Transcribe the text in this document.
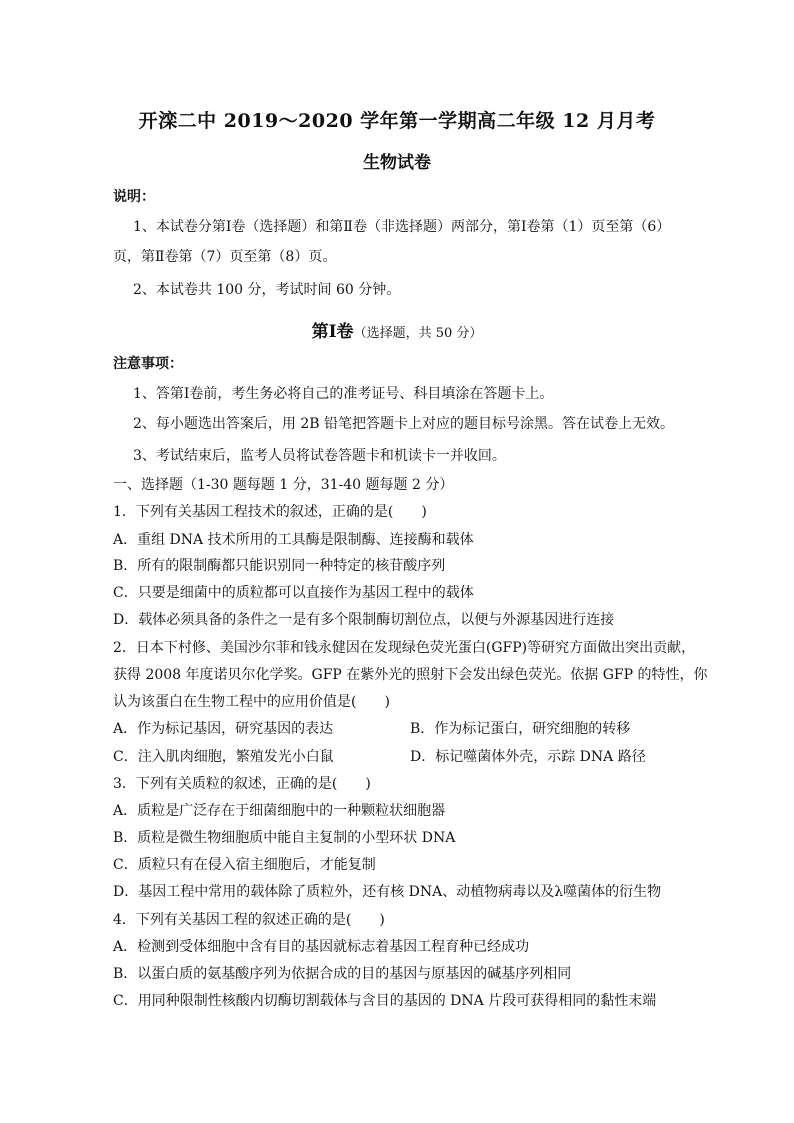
开滦二中 2019～2020 学年第一学期高二年级 12 月月考
生物试卷
说明：
1、本试卷分第Ⅰ卷（选择题）和第Ⅱ卷（非选择题）两部分，第Ⅰ卷第（1）页至第（6）
页，第Ⅱ卷第（7）页至第（8）页。
2、本试卷共 100 分，考试时间 60 分钟。
第Ⅰ卷（选择题，共 50 分）
注意事项：
1、答第Ⅰ卷前，考生务必将自己的准考证号、科目填涂在答题卡上。
2、每小题选出答案后，用 2B 铅笔把答题卡上对应的题目标号涂黑。答在试卷上无效。
3、考试结束后，监考人员将试卷答题卡和机读卡一并收回。
一、选择题（1-30 题每题 1 分，31-40 题每题 2 分）
1．下列有关基因工程技术的叙述，正确的是(　　)
A．重组 DNA 技术所用的工具酶是限制酶、连接酶和载体
B．所有的限制酶都只能识别同一种特定的核苷酸序列
C．只要是细菌中的质粒都可以直接作为基因工程中的载体
D．载体必须具备的条件之一是有多个限制酶切割位点，以便与外源基因进行连接
2．日本下村修、美国沙尔菲和钱永健因在发现绿色荧光蛋白(GFP)等研究方面做出突出贡献，
获得 2008 年度诺贝尔化学奖。GFP 在紫外光的照射下会发出绿色荧光。依据 GFP 的特性，你
认为该蛋白在生物工程中的应用价值是(　　)
A．作为标记基因，研究基因的表达	B．作为标记蛋白，研究细胞的转移
C．注入肌肉细胞，繁殖发光小白鼠	D．标记噬菌体外壳，示踪 DNA 路径
3．下列有关质粒的叙述，正确的是(　　)
A．质粒是广泛存在于细菌细胞中的一种颗粒状细胞器
B．质粒是微生物细胞质中能自主复制的小型环状 DNA
C．质粒只有在侵入宿主细胞后，才能复制
D．基因工程中常用的载体除了质粒外，还有核 DNA、动植物病毒以及λ噬菌体的衍生物
4．下列有关基因工程的叙述正确的是(　　)
A．检测到受体细胞中含有目的基因就标志着基因工程育种已经成功
B．以蛋白质的氨基酸序列为依据合成的目的基因与原基因的碱基序列相同
C．用同种限制性核酸内切酶切割载体与含目的基因的 DNA 片段可获得相同的黏性末端
